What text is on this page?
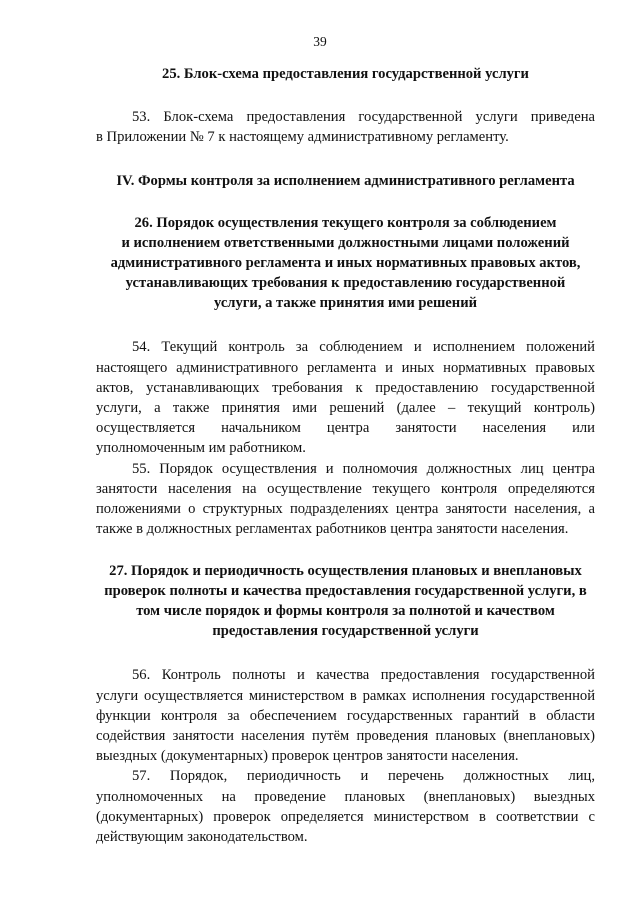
39
25. Блок-схема предоставления государственной услуги
53. Блок-схема предоставления государственной услуги приведена
в Приложении № 7 к настоящему административному регламенту.
IV. Формы контроля за исполнением административного регламента
26. Порядок осуществления текущего контроля за соблюдением
и исполнением ответственными должностными лицами положений
административного регламента и иных нормативных правовых актов,
устанавливающих требования к предоставлению государственной
услуги, а также принятия ими решений
54. Текущий контроль за соблюдением и исполнением положений
настоящего административного регламента и иных нормативных правовых
актов, устанавливающих требования к предоставлению государственной
услуги, а также принятия ими решений (далее – текущий контроль)
осуществляется начальником центра занятости населения или
уполномоченным им работником.
55. Порядок осуществления и полномочия должностных лиц центра
занятости населения на осуществление текущего контроля определяются
положениями о структурных подразделениях центра занятости населения, а
также в должностных регламентах работников центра занятости населения.
27. Порядок и периодичность осуществления плановых и внеплановых
проверок полноты и качества предоставления государственной услуги, в
том числе порядок и формы контроля за полнотой и качеством
предоставления государственной услуги
56. Контроль полноты и качества предоставления государственной
услуги осуществляется министерством в рамках исполнения государственной
функции контроля за обеспечением государственных гарантий в области
содействия занятости населения путём проведения плановых (внеплановых)
выездных (документарных) проверок центров занятости населения.
57. Порядок, периодичность и перечень должностных лиц,
уполномоченных на проведение плановых (внеплановых) выездных
(документарных) проверок определяется министерством в соответствии с
действующим законодательством.
